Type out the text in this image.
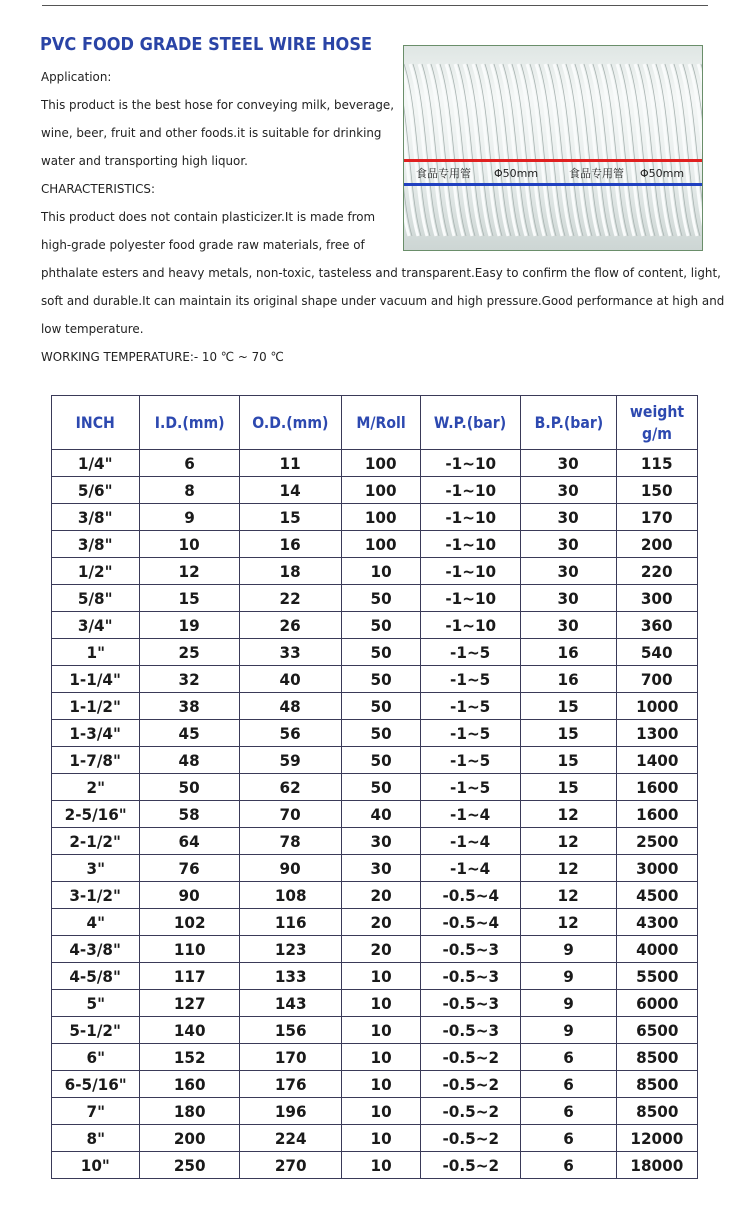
PVC FOOD GRADE STEEL WIRE HOSE
Application:
This product is the best hose for conveying milk, beverage,
wine, beer, fruit and other foods.it is suitable for drinking
water and transporting high liquor.
CHARACTERISTICS:
This product does not contain plasticizer.It is made from
high-grade polyester food grade raw materials, free of
phthalate esters and heavy metals, non-toxic, tasteless and transparent.Easy to confirm the flow of content, light,
soft and durable.It can maintain its original shape under vacuum and high pressure.Good performance at high and
low temperature.
WORKING TEMPERATURE:- 10 ℃ ~ 70 ℃
食品专用管 Φ50mm	食品专用管 Φ50mm
INCH	I.D.(mm)	O.D.(mm)	M/Roll	W.P.(bar)	B.P.(bar)	weight g/m
1/4"	6	11	100	-1~10	30	115
5/6"	8	14	100	-1~10	30	150
3/8"	9	15	100	-1~10	30	170
3/8"	10	16	100	-1~10	30	200
1/2"	12	18	10	-1~10	30	220
5/8"	15	22	50	-1~10	30	300
3/4"	19	26	50	-1~10	30	360
1"	25	33	50	-1~5	16	540
1-1/4"	32	40	50	-1~5	16	700
1-1/2"	38	48	50	-1~5	15	1000
1-3/4"	45	56	50	-1~5	15	1300
1-7/8"	48	59	50	-1~5	15	1400
2"	50	62	50	-1~5	15	1600
2-5/16"	58	70	40	-1~4	12	1600
2-1/2"	64	78	30	-1~4	12	2500
3"	76	90	30	-1~4	12	3000
3-1/2"	90	108	20	-0.5~4	12	4500
4"	102	116	20	-0.5~4	12	4300
4-3/8"	110	123	20	-0.5~3	9	4000
4-5/8"	117	133	10	-0.5~3	9	5500
5"	127	143	10	-0.5~3	9	6000
5-1/2"	140	156	10	-0.5~3	9	6500
6"	152	170	10	-0.5~2	6	8500
6-5/16"	160	176	10	-0.5~2	6	8500
7"	180	196	10	-0.5~2	6	8500
8"	200	224	10	-0.5~2	6	12000
10"	250	270	10	-0.5~2	6	18000
